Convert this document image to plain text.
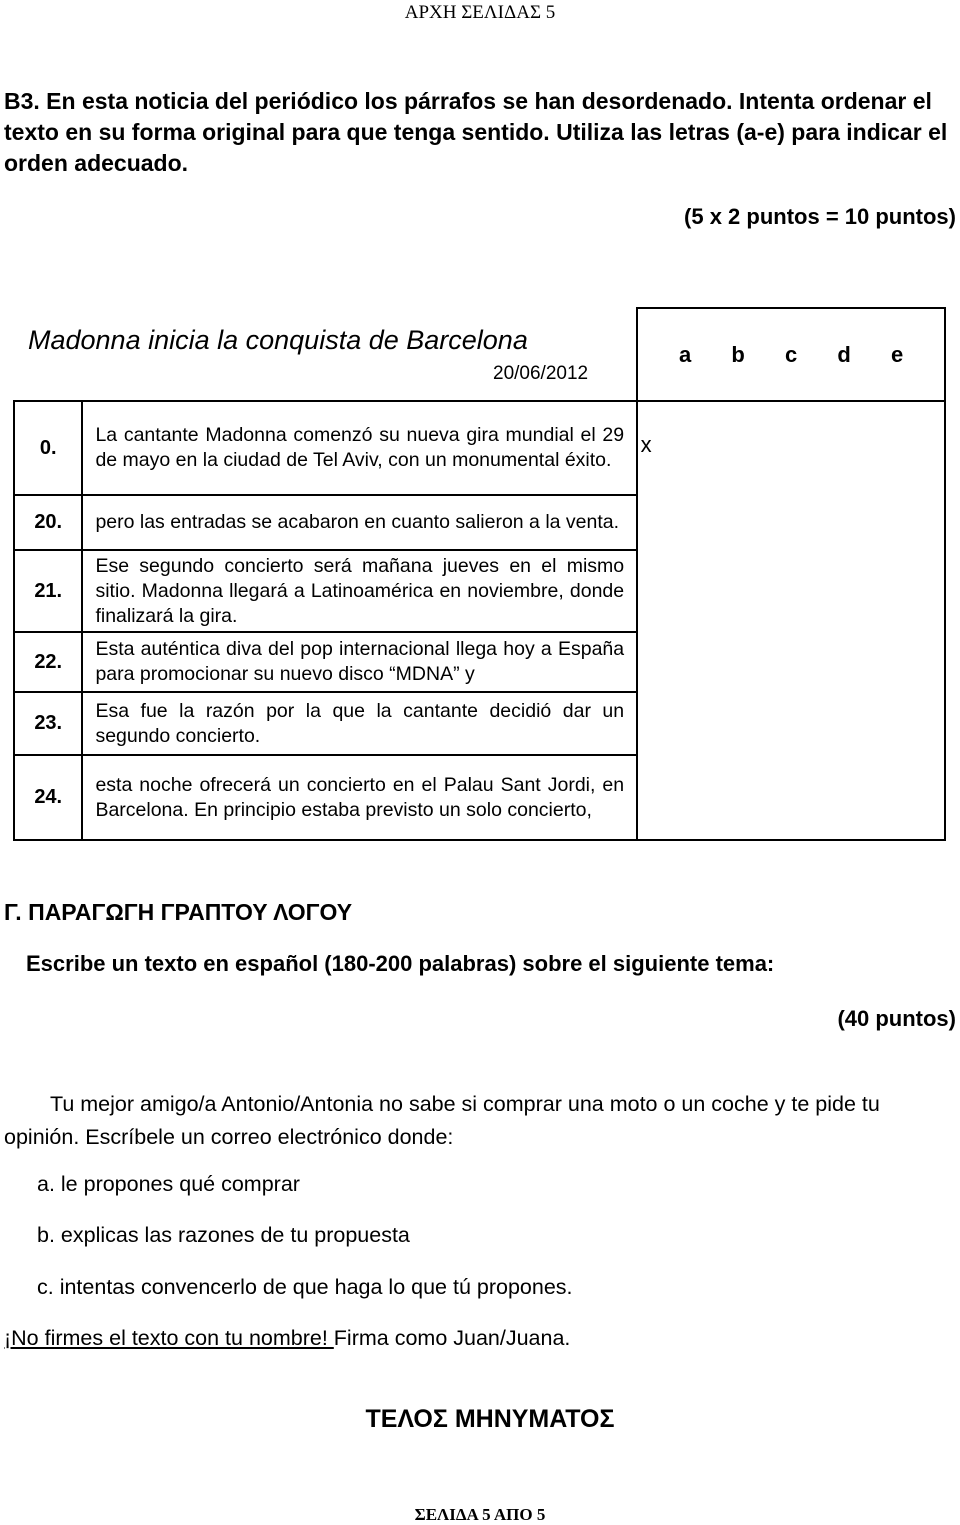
ΑΡΧΗ ΣΕΛΙΔΑΣ 5
B3. En esta noticia del periódico los párrafos se han desordenado. Intenta ordenar el texto en su forma original para que tenga sentido. Utiliza las letras (a-e) para indicar el orden adecuado.
(5 x 2 puntos = 10 puntos)

		a b c d e

0.	La cantante Madonna comenzó su nueva gira mundial el 29 de mayo en la ciudad de Tel Aviv, con un monumental éxito.	x

20.	pero las entradas se acabaron en cuanto salieron a la venta.	
21.	Ese segundo concierto será mañana jueves en el mismo sitio. Madonna llegará a Latinoamérica en noviembre, donde finalizará la gira.	
22.	Esta auténtica diva del pop internacional llega hoy a España para promocionar su nuevo disco “MDNA” y	
23.	Esa fue la razón por la que la cantante decidió dar un segundo concierto.	
24.	esta noche ofrecerá un concierto en el Palau Sant Jordi, en Barcelona. En principio estaba previsto un solo concierto,	
Madonna inicia la conquista de Barcelona
20/06/2012
Γ. ΠΑΡΑΓΩΓΗ ΓΡΑΠΤΟΥ ΛΟΓΟΥ
Escribe un texto en español (180-200 palabras) sobre el siguiente tema:
(40 puntos)
Tu mejor amigo/a Antonio/Antonia no sabe si comprar una moto o un coche y te pide tu opinión. Escríbele un correo electrónico donde:
a. le propones qué comprar
b. explicas las razones de tu propuesta
c. intentas convencerlo de que haga lo que tú propones.
¡No firmes el texto con tu nombre! Firma como Juan/Juana.
ΤΕΛΟΣ ΜΗΝΥΜΑΤΟΣ
ΣΕΛΙΔΑ 5 ΑΠΟ 5
